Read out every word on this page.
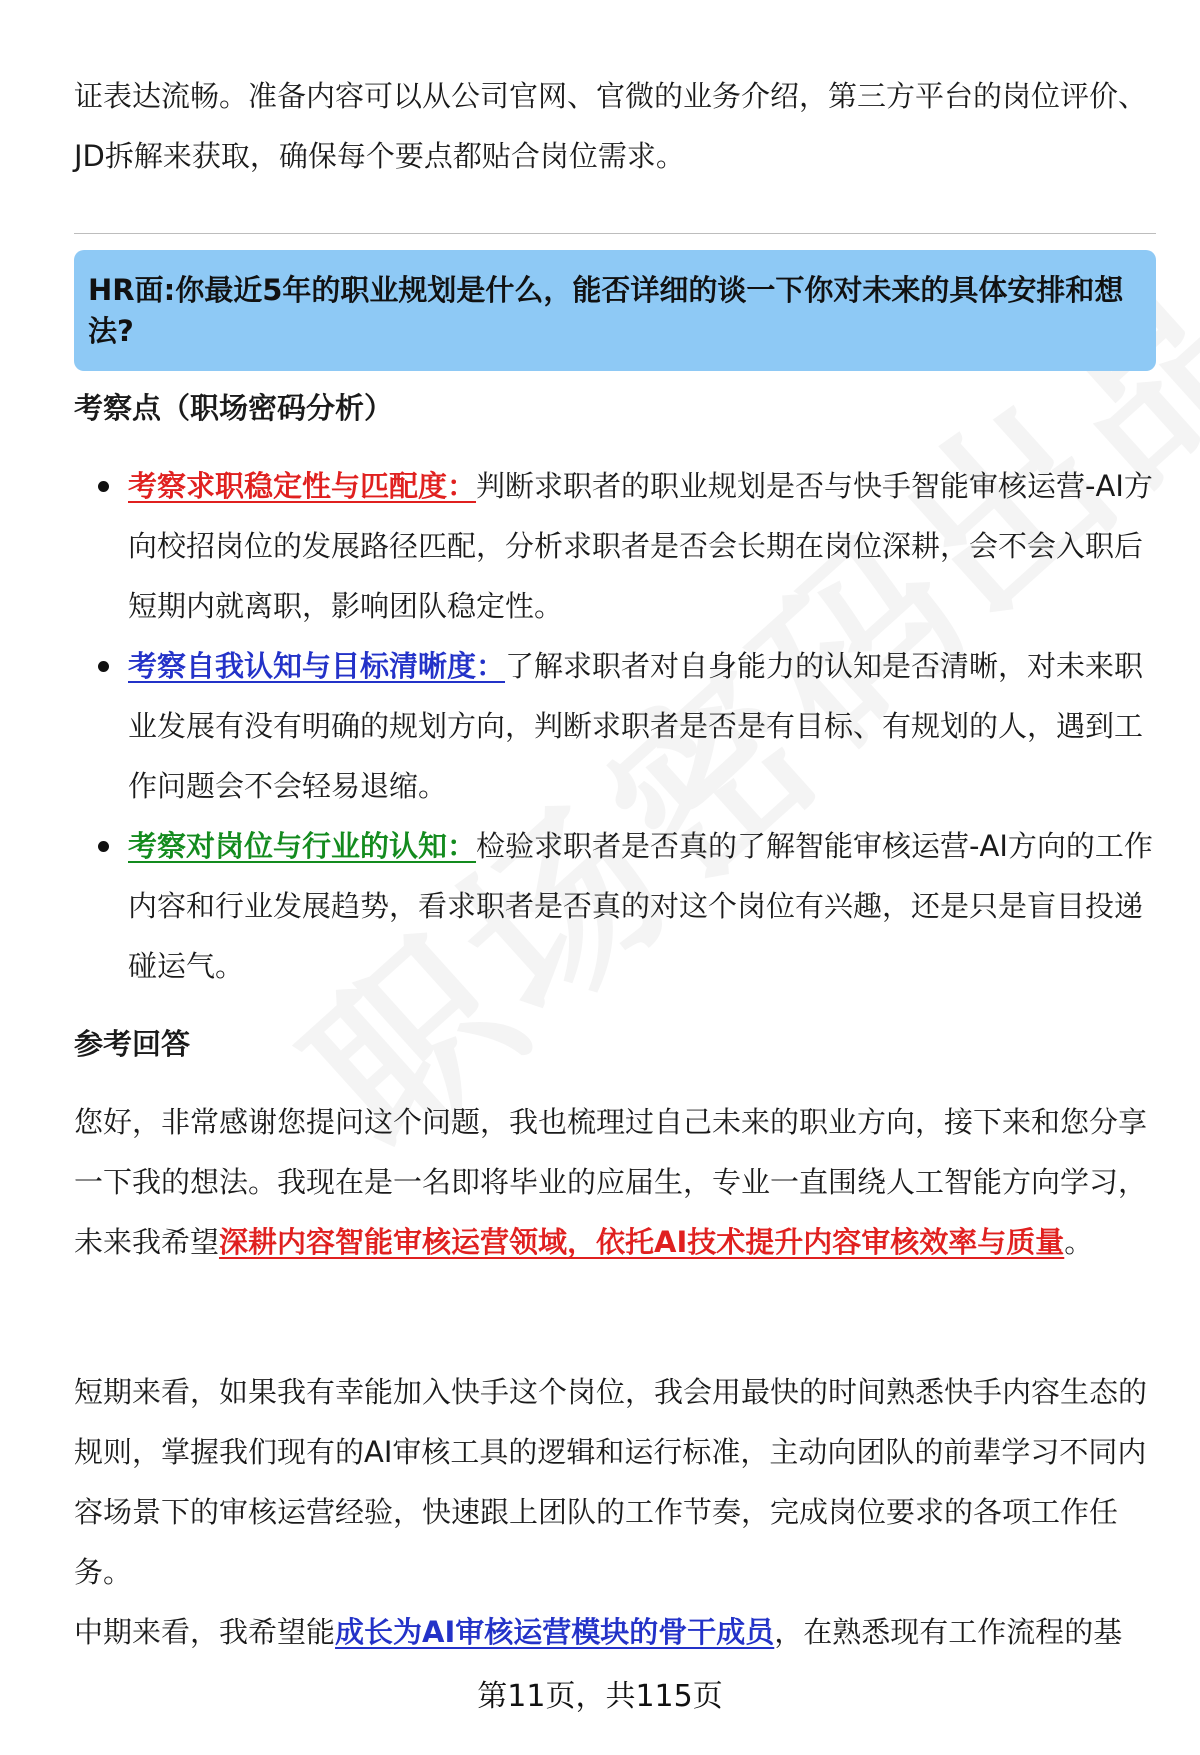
证表达流畅。准备内容可以从公司官网、官微的业务介绍，第三方平台的岗位评价、JD拆解来获取，确保每个要点都贴合岗位需求。
HR面:你最近5年的职业规划是什么，能否详细的谈一下你对未来的具体安排和想法?
考察点（职场密码分析）
考察求职稳定性与匹配度：判断求职者的职业规划是否与快手智能审核运营-AI方向校招岗位的发展路径匹配，分析求职者是否会长期在岗位深耕，会不会入职后短期内就离职，影响团队稳定性。
考察自我认知与目标清晰度：了解求职者对自身能力的认知是否清晰，对未来职业发展有没有明确的规划方向，判断求职者是否是有目标、有规划的人，遇到工作问题会不会轻易退缩。
考察对岗位与行业的认知：检验求职者是否真的了解智能审核运营-AI方向的工作内容和行业发展趋势，看求职者是否真的对这个岗位有兴趣，还是只是盲目投递碰运气。
参考回答
您好，非常感谢您提问这个问题，我也梳理过自己未来的职业方向，接下来和您分享一下我的想法。我现在是一名即将毕业的应届生，专业一直围绕人工智能方向学习，未来我希望深耕内容智能审核运营领域，依托AI技术提升内容审核效率与质量。
短期来看，如果我有幸能加入快手这个岗位，我会用最快的时间熟悉快手内容生态的规则，掌握我们现有的AI审核工具的逻辑和运行标准，主动向团队的前辈学习不同内容场景下的审核运营经验，快速跟上团队的工作节奏，完成岗位要求的各项工作任务。
中期来看，我希望能成长为AI审核运营模块的骨干成员，在熟悉现有工作流程的基
第11页，共115页
